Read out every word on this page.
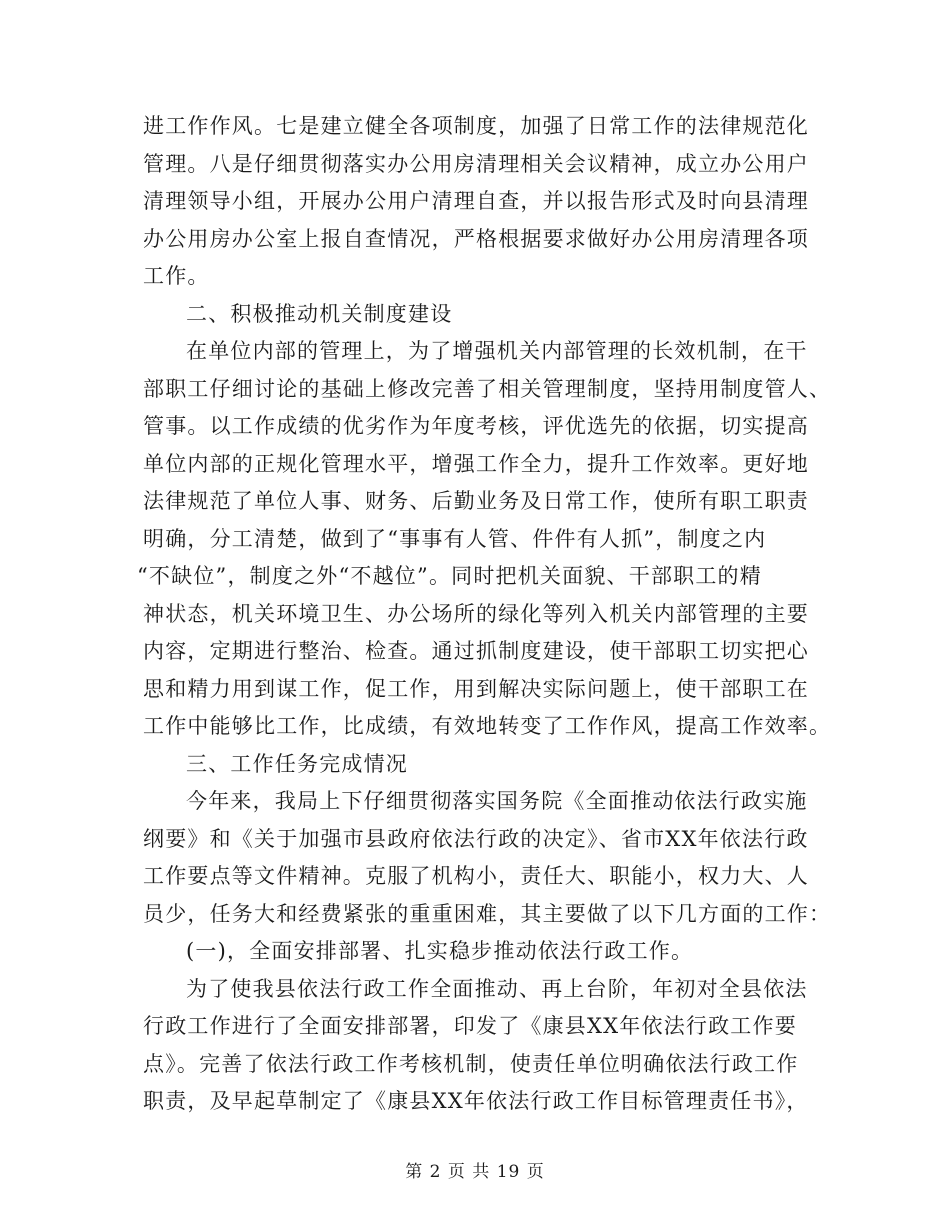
进工作作风。七是建立健全各项制度，加强了日常工作的法律规范化
管理。八是仔细贯彻落实办公用房清理相关会议精神，成立办公用户
清理领导小组，开展办公用户清理自查，并以报告形式及时向县清理
办公用房办公室上报自查情况，严格根据要求做好办公用房清理各项
工作。
二、积极推动机关制度建设
在单位内部的管理上，为了增强机关内部管理的长效机制，在干
部职工仔细讨论的基础上修改完善了相关管理制度，坚持用制度管人、
管事。以工作成绩的优劣作为年度考核，评优选先的依据，切实提高
单位内部的正规化管理水平，增强工作全力，提升工作效率。更好地
法律规范了单位人事、财务、后勤业务及日常工作，使所有职工职责
明确，分工清楚，做到了“事事有人管、件件有人抓”，制度之内
“不缺位”，制度之外“不越位”。同时把机关面貌、干部职工的精
神状态，机关环境卫生、办公场所的绿化等列入机关内部管理的主要
内容，定期进行整治、检查。通过抓制度建设，使干部职工切实把心
思和精力用到谋工作，促工作，用到解决实际问题上，使干部职工在
工作中能够比工作，比成绩，有效地转变了工作作风，提高工作效率。
三、工作任务完成情况
今年来，我局上下仔细贯彻落实国务院《全面推动依法行政实施
纲要》和《关于加强市县政府依法行政的决定》、省市XX年依法行政
工作要点等文件精神。克服了机构小，责任大、职能小，权力大、人
员少，任务大和经费紧张的重重困难，其主要做了以下几方面的工作：
(一)，全面安排部署、扎实稳步推动依法行政工作。
为了使我县依法行政工作全面推动、再上台阶，年初对全县依法
行政工作进行了全面安排部署，印发了《康县XX年依法行政工作要
点》。完善了依法行政工作考核机制，使责任单位明确依法行政工作
职责，及早起草制定了《康县XX年依法行政工作目标管理责任书》，
第 2 页 共 19 页
